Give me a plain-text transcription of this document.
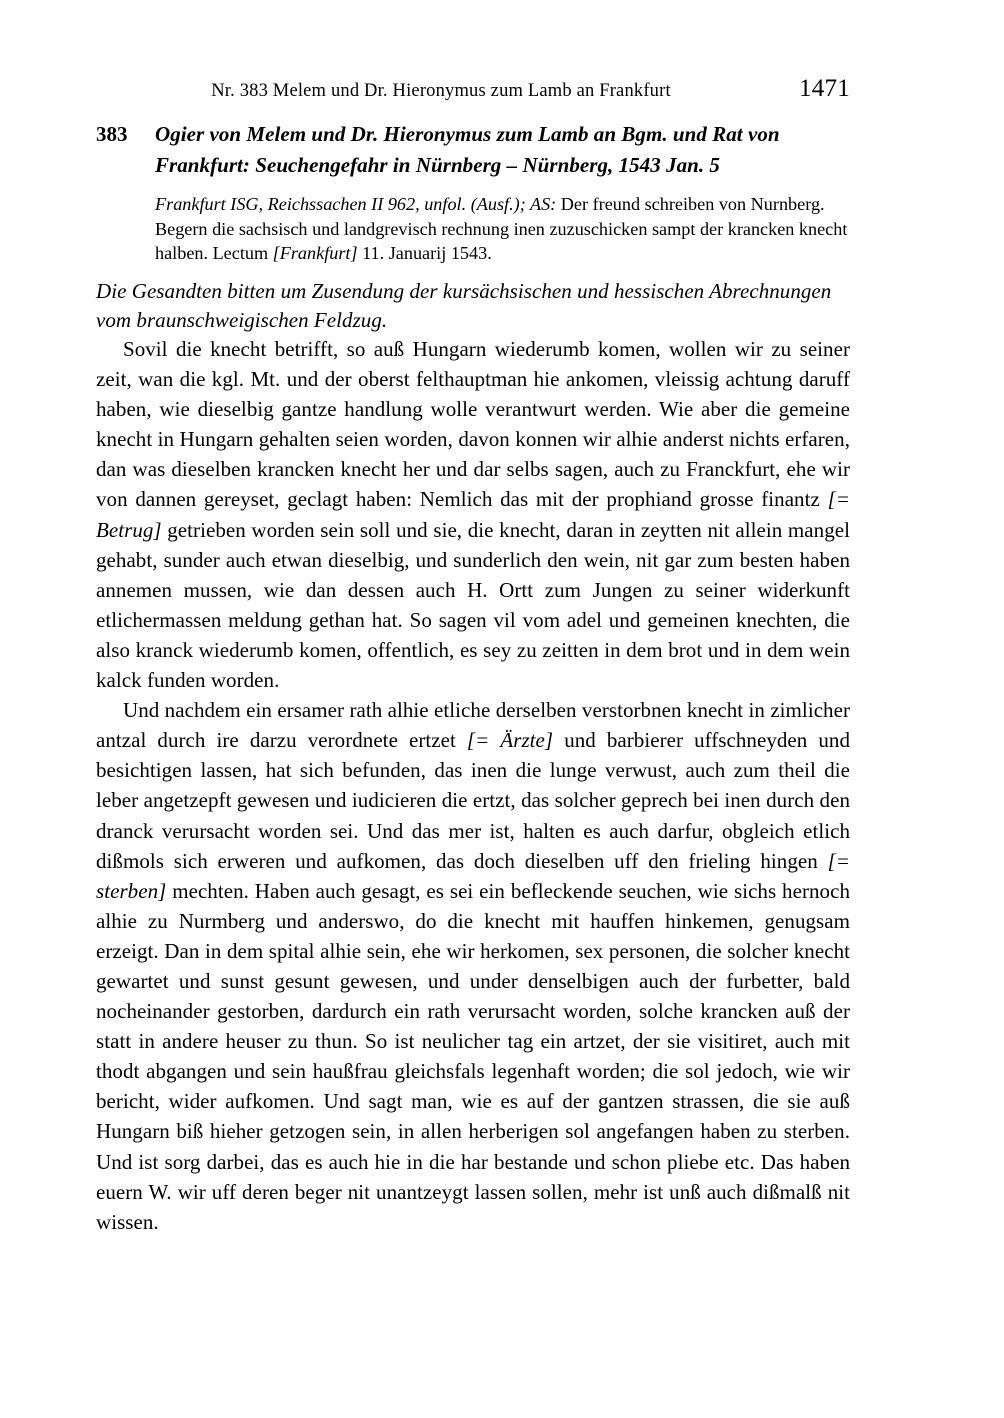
Nr. 383 Melem und Dr. Hieronymus zum Lamb an Frankfurt	1471
383 Ogier von Melem und Dr. Hieronymus zum Lamb an Bgm. und Rat von Frankfurt: Seuchengefahr in Nürnberg – Nürnberg, 1543 Jan. 5
Frankfurt ISG, Reichssachen II 962, unfol. (Ausf.); AS: Der freund schreiben von Nurnberg. Begern die sachsisch und landgrevisch rechnung inen zuzuschicken sampt der krancken knecht halben. Lectum [Frankfurt] 11. Januarij 1543.
Die Gesandten bitten um Zusendung der kursächsischen und hessischen Abrechnungen vom braunschweigischen Feldzug.

Sovil die knecht betrifft, so auß Hungarn wiederumb komen, wollen wir zu seiner zeit, wan die kgl. Mt. und der oberst felthauptman hie ankomen, vleissig achtung daruff haben, wie dieselbig gantze handlung wolle verantwurt werden. Wie aber die gemeine knecht in Hungarn gehalten seien worden, davon konnen wir alhie anderst nichts erfaren, dan was dieselben krancken knecht her und dar selbs sagen, auch zu Franckfurt, ehe wir von dannen gereyset, geclagt haben: Nemlich das mit der prophiand grosse finantz [= Betrug] getrieben worden sein soll und sie, die knecht, daran in zeytten nit allein mangel gehabt, sunder auch etwan dieselbig, und sunderlich den wein, nit gar zum besten haben annemen mussen, wie dan dessen auch H. Ortt zum Jungen zu seiner widerkunft etlichermassen meldung gethan hat. So sagen vil vom adel und gemeinen knechten, die also kranck wiederumb komen, offentlich, es sey zu zeitten in dem brot und in dem wein kalck funden worden.

Und nachdem ein ersamer rath alhie etliche derselben verstorbnen knecht in zimlicher antzal durch ire darzu verordnete ertzet [= Ärzte] und barbierer uffschneyden und besichtigen lassen, hat sich befunden, das inen die lunge verwust, auch zum theil die leber angetzepft gewesen und iudicieren die ertzt, das solcher geprech bei inen durch den dranck verursacht worden sei. Und das mer ist, halten es auch darfur, obgleich etlich dißmols sich erweren und aufkomen, das doch dieselben uff den frieling hingen [= sterben] mechten. Haben auch gesagt, es sei ein befleckende seuchen, wie sichs hernoch alhie zu Nurmberg und anderswo, do die knecht mit hauffen hinkemen, genugsam erzeigt. Dan in dem spital alhie sein, ehe wir herkomen, sex personen, die solcher knecht gewartet und sunst gesunt gewesen, und under denselbigen auch der furbetter, bald nocheinander gestorben, dardurch ein rath verursacht worden, solche krancken auß der statt in andere heuser zu thun. So ist neulicher tag ein artzet, der sie visitiret, auch mit thodt abgangen und sein haußfrau gleichsfals legenhaft worden; die sol jedoch, wie wir bericht, wider aufkomen. Und sagt man, wie es auf der gantzen strassen, die sie auß Hungarn biß hieher getzogen sein, in allen herberigen sol angefangen haben zu sterben. Und ist sorg darbei, das es auch hie in die har bestande und schon pliebe etc. Das haben euern W. wir uff deren beger nit unantzeygt lassen sollen, mehr ist unß auch dißmalß nit wissen.
